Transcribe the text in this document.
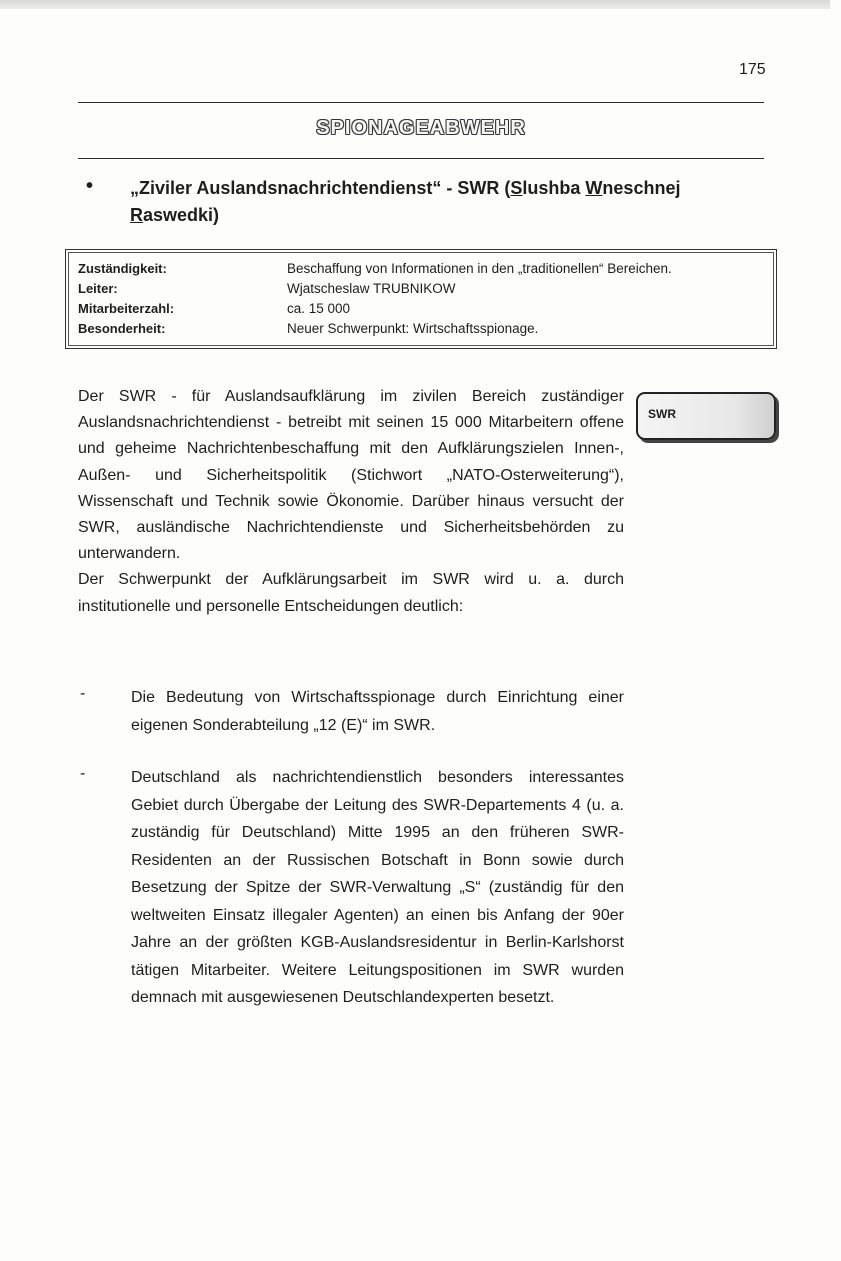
175
SPIONAGEABWEHR
• „Ziviler Auslandsnachrichtendienst“ - SWR (Slushba Wneschnej
Raswedki)
Zuständigkeit:	Beschaffung von Informationen in den „traditionellen“ Bereichen.
Leiter:	Wjatscheslaw TRUBNIKOW
Mitarbeiterzahl:	ca. 15 000
Besonderheit:	Neuer Schwerpunkt: Wirtschaftsspionage.
SWR

Der SWR - für Auslandsaufklärung im zivilen Bereich zuständiger Auslandsnachrichtendienst - betreibt mit seinen 15 000 Mitarbeitern offene und geheime Nachrichtenbeschaffung mit den Aufklärungszielen Innen-, Außen- und Sicherheitspolitik (Stichwort „NATO-Osterweiterung“), Wissenschaft und Technik sowie Ökonomie. Darüber hinaus versucht der SWR, ausländische Nachrichtendienste und Sicherheitsbehörden zu unterwandern.

Der Schwerpunkt der Aufklärungsarbeit im SWR wird u. a. durch institutionelle und personelle Entscheidungen deutlich:

-	Die Bedeutung von Wirtschaftsspionage durch Einrichtung einer eigenen Sonderabteilung „12 (E)“ im SWR.
-	Deutschland als nachrichtendienstlich besonders interessantes Gebiet durch Übergabe der Leitung des SWR-Departements 4 (u. a. zuständig für Deutschland) Mitte 1995 an den früheren SWR-Residenten an der Russischen Botschaft in Bonn sowie durch Besetzung der Spitze der SWR-Verwaltung „S“ (zuständig für den weltweiten Einsatz illegaler Agenten) an einen bis Anfang der 90er Jahre an der größten KGB-Auslandsresidentur in Berlin-Karlshorst tätigen Mitarbeiter. Weitere Leitungspositionen im SWR wurden demnach mit ausgewiesenen Deutschlandexperten besetzt.
